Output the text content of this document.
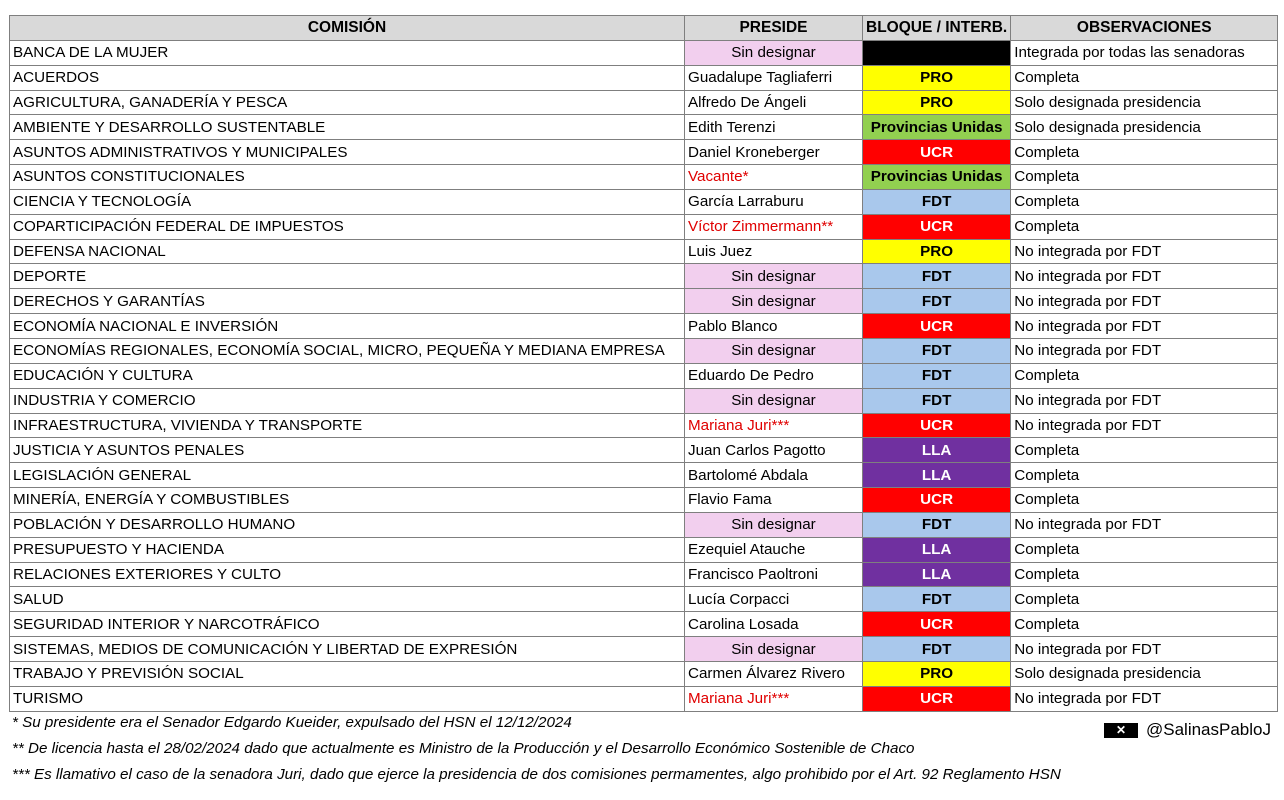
COMISIÓN	PRESIDE	BLOQUE / INTERB.	OBSERVACIONES
BANCA DE LA MUJER	Sin designar		Integrada por todas las senadoras
ACUERDOS	Guadalupe Tagliaferri	PRO	Completa
AGRICULTURA, GANADERÍA Y PESCA	Alfredo De Ángeli	PRO	Solo designada presidencia
AMBIENTE Y DESARROLLO SUSTENTABLE	Edith Terenzi	Provincias Unidas	Solo designada presidencia
ASUNTOS ADMINISTRATIVOS Y MUNICIPALES	Daniel Kroneberger	UCR	Completa
ASUNTOS CONSTITUCIONALES	Vacante*	Provincias Unidas	Completa
CIENCIA Y TECNOLOGÍA	García Larraburu	FDT	Completa
COPARTICIPACIÓN FEDERAL DE IMPUESTOS	Víctor Zimmermann**	UCR	Completa
DEFENSA NACIONAL	Luis Juez	PRO	No integrada por FDT
DEPORTE	Sin designar	FDT	No integrada por FDT
DERECHOS Y GARANTÍAS	Sin designar	FDT	No integrada por FDT
ECONOMÍA NACIONAL E INVERSIÓN	Pablo Blanco	UCR	No integrada por FDT
ECONOMÍAS REGIONALES, ECONOMÍA SOCIAL, MICRO, PEQUEÑA Y MEDIANA EMPRESA	Sin designar	FDT	No integrada por FDT
EDUCACIÓN Y CULTURA	Eduardo De Pedro	FDT	Completa
INDUSTRIA Y COMERCIO	Sin designar	FDT	No integrada por FDT
INFRAESTRUCTURA, VIVIENDA Y TRANSPORTE	Mariana Juri***	UCR	No integrada por FDT
JUSTICIA Y ASUNTOS PENALES	Juan Carlos Pagotto	LLA	Completa
LEGISLACIÓN GENERAL	Bartolomé Abdala	LLA	Completa
MINERÍA, ENERGÍA Y COMBUSTIBLES	Flavio Fama	UCR	Completa
POBLACIÓN Y DESARROLLO HUMANO	Sin designar	FDT	No integrada por FDT
PRESUPUESTO Y HACIENDA	Ezequiel Atauche	LLA	Completa
RELACIONES EXTERIORES Y CULTO	Francisco Paoltroni	LLA	Completa
SALUD	Lucía Corpacci	FDT	Completa
SEGURIDAD INTERIOR Y NARCOTRÁFICO	Carolina Losada	UCR	Completa
SISTEMAS, MEDIOS DE COMUNICACIÓN Y LIBERTAD DE EXPRESIÓN	Sin designar	FDT	No integrada por FDT
TRABAJO Y PREVISIÓN SOCIAL	Carmen Álvarez Rivero	PRO	Solo designada presidencia
TURISMO	Mariana Juri***	UCR	No integrada por FDT
* Su presidente era el Senador Edgardo Kueider, expulsado del HSN el 12/12/2024
** De licencia hasta el 28/02/2024 dado que actualmente es Ministro de la Producción y el Desarrollo Económico Sostenible de Chaco
*** Es llamativo el caso de la senadora Juri, dado que ejerce la presidencia de dos comisiones permamentes, algo prohibido por el Art. 92 Reglamento HSN
✕	@SalinasPabloJ
